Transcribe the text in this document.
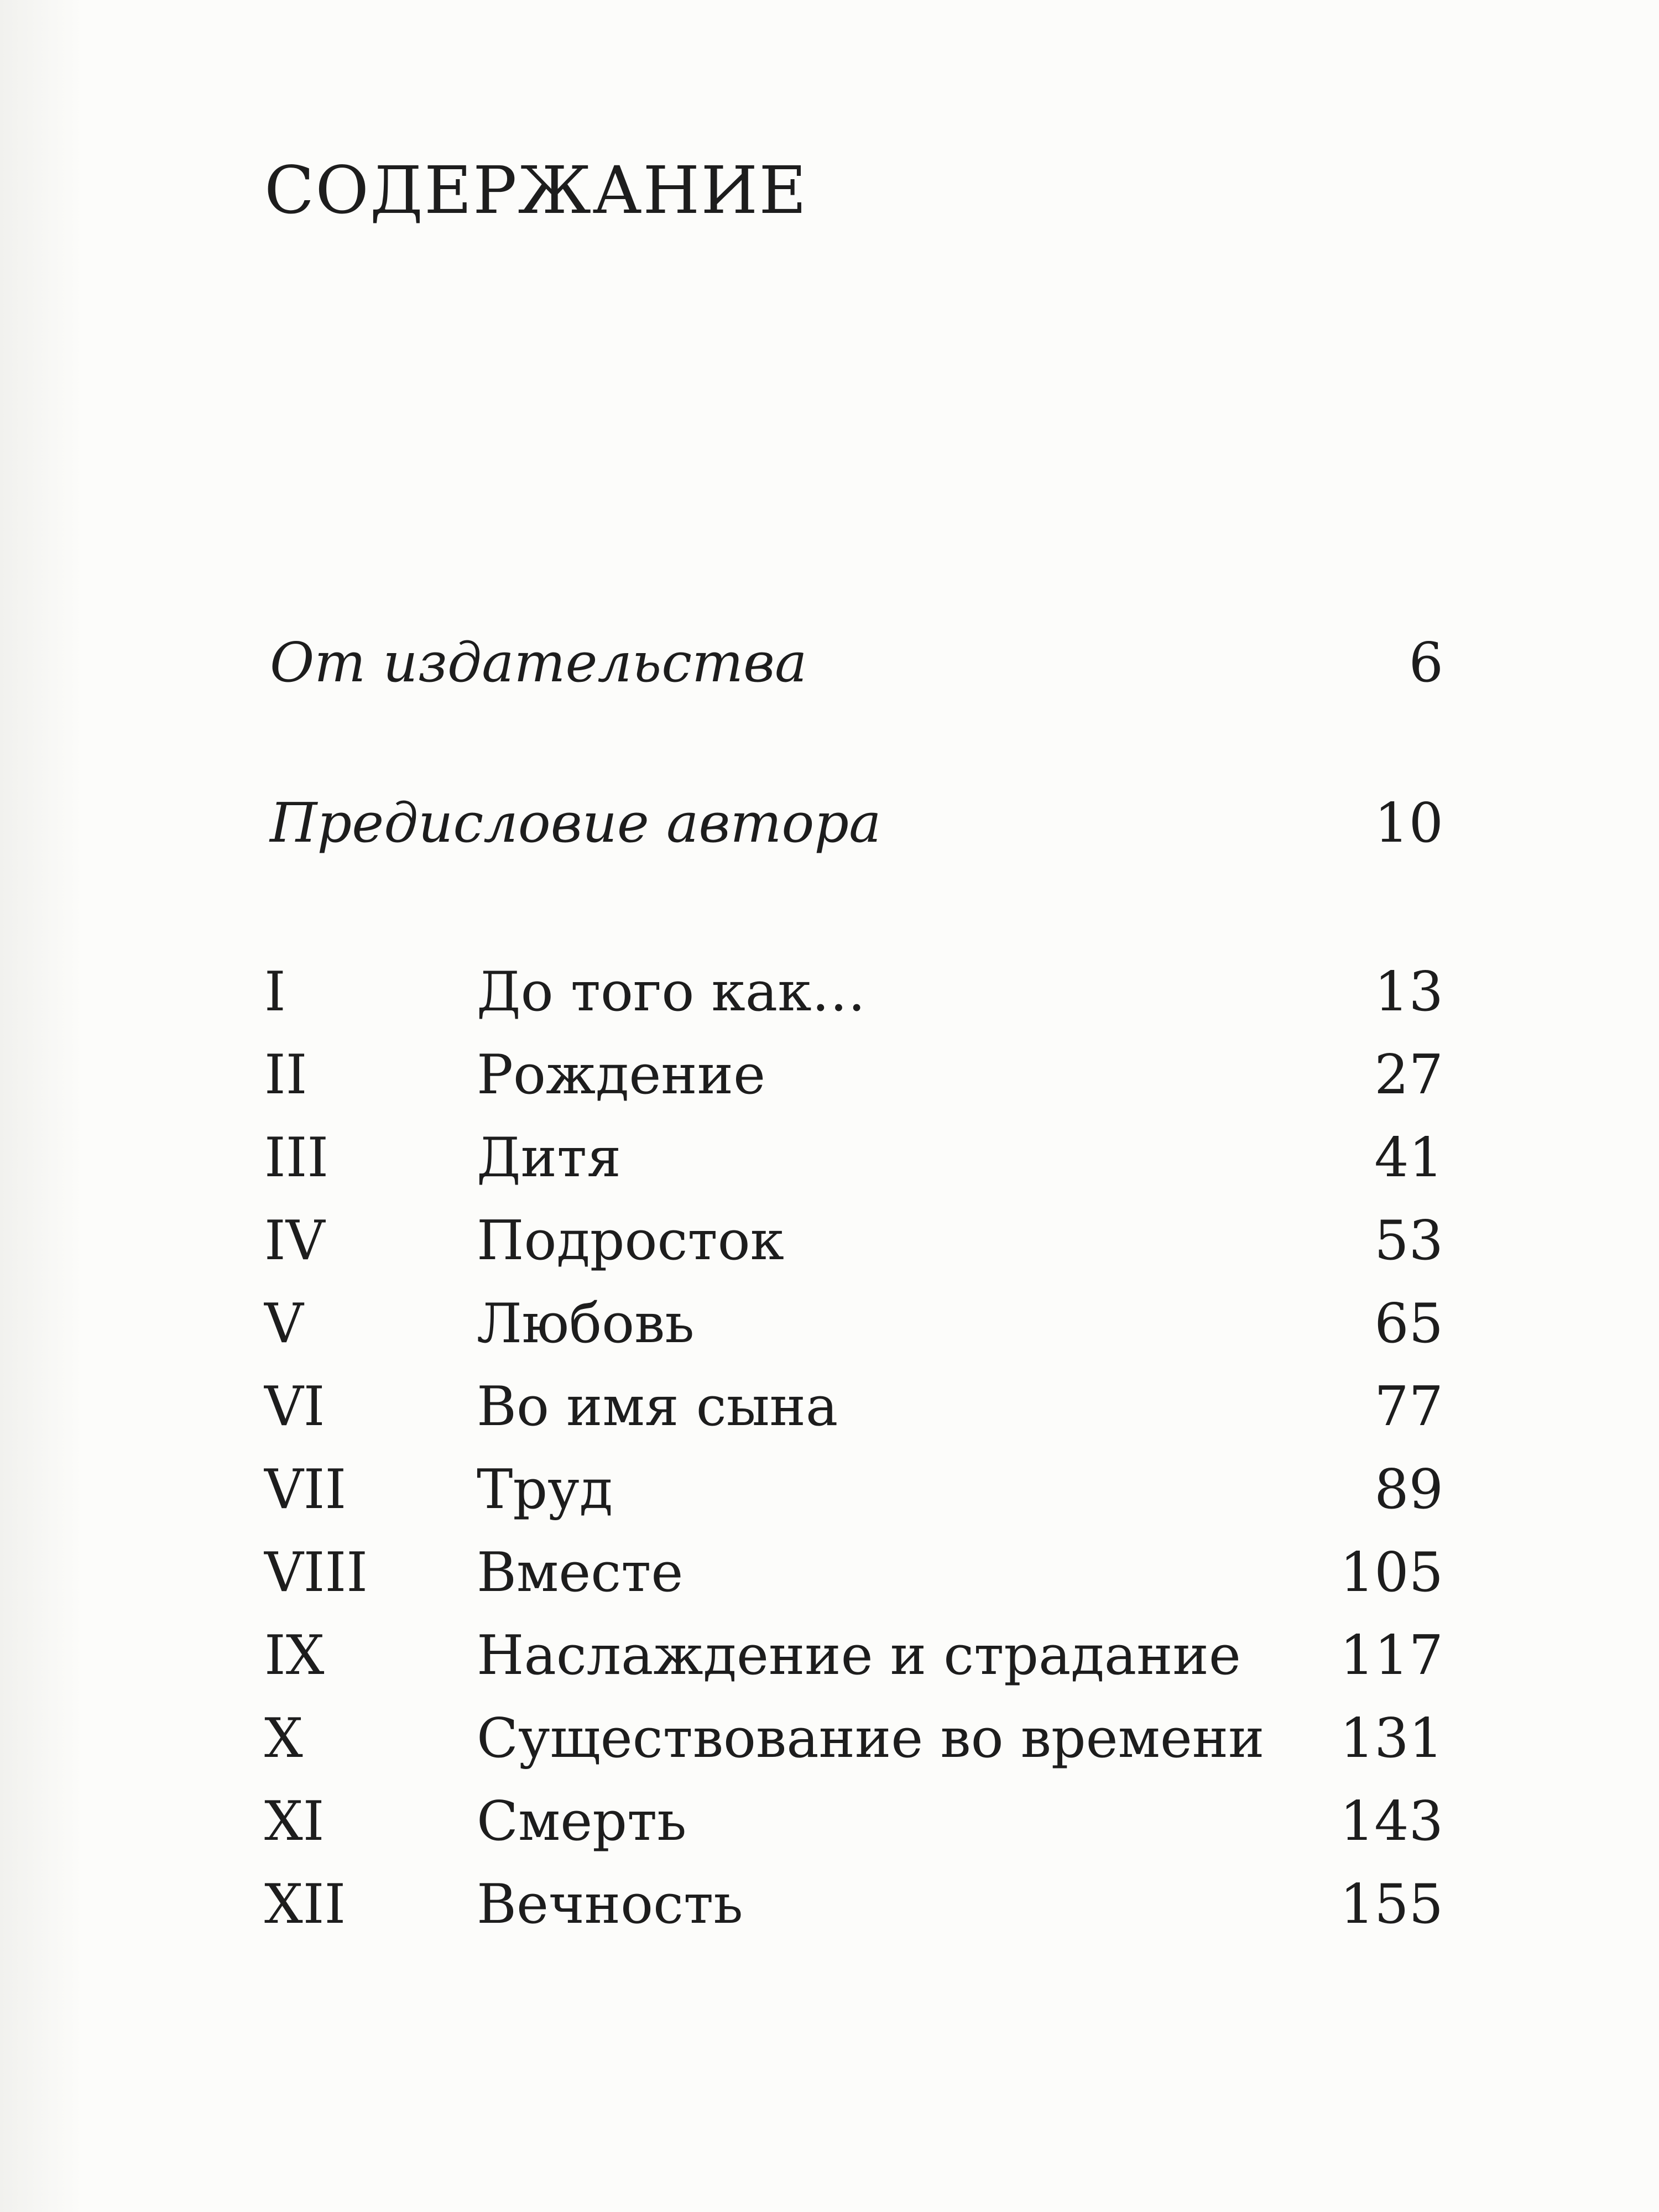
СОДЕРЖАНИЕ
От издательства	6
Предисловие автора	10
I	До того как…	13
II	Рождение	27
III	Дитя	41
IV	Подросток	53
V	Любовь	65
VI	Во имя сына	77
VII Труд	89
VIII Вместе	105
IX	Наслаждение и страдание 117
X	Существование во времени 131
XI	Смерть	143
XII Вечность	155
